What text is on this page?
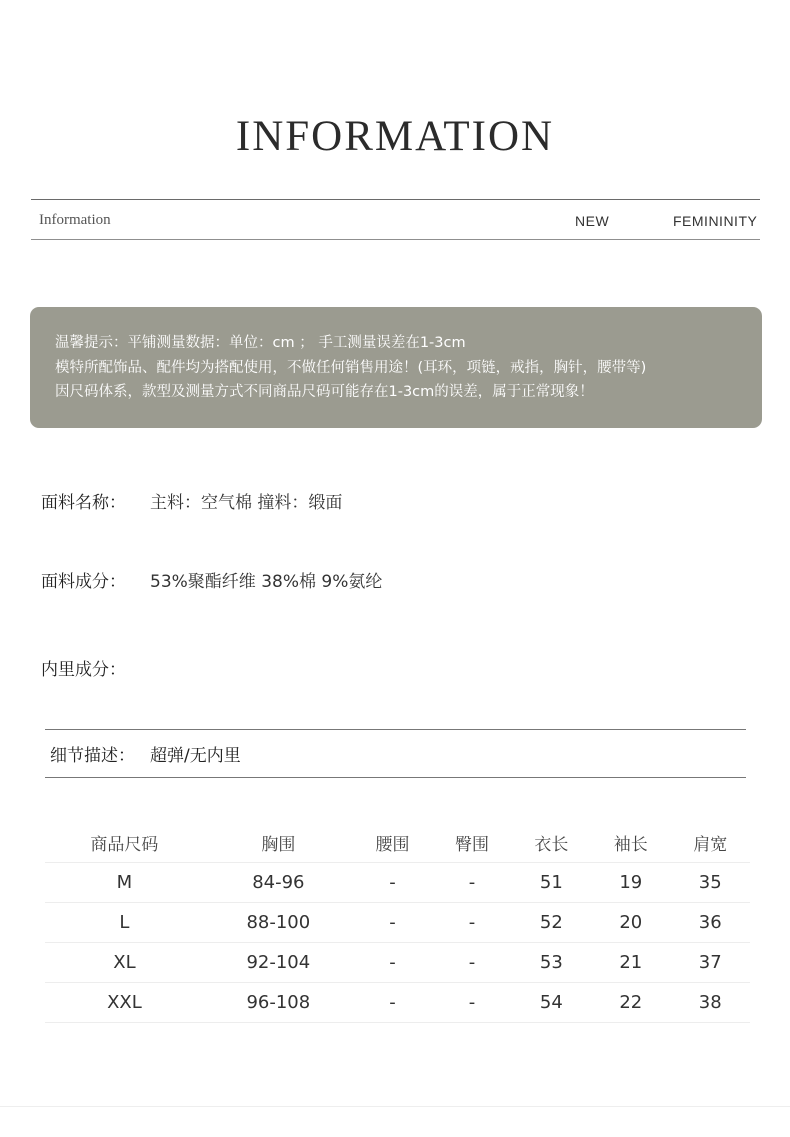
INFORMATION
Information	NEW	FEMININITY

温馨提示：平铺测量数据：单位：cm ； 手工测量误差在1-3cm

模特所配饰品、配件均为搭配使用，不做任何销售用途！(耳环，项链，戒指，胸针，腰带等)

因尺码体系，款型及测量方式不同商品尺码可能存在1-3cm的误差，属于正常现象！

面料名称： 主料：空气棉 撞料：缎面
面料成分： 53%聚酯纤维 38%棉 9%氨纶
内里成分：
细节描述： 超弹/无内里
商品尺码	胸围	腰围	臀围	衣长	袖长	肩宽
M	84-96	-	-	51	19	35
L	88-100	-	-	52	20	36
XL	92-104	-	-	53	21	37
XXL	96-108	-	-	54	22	38
